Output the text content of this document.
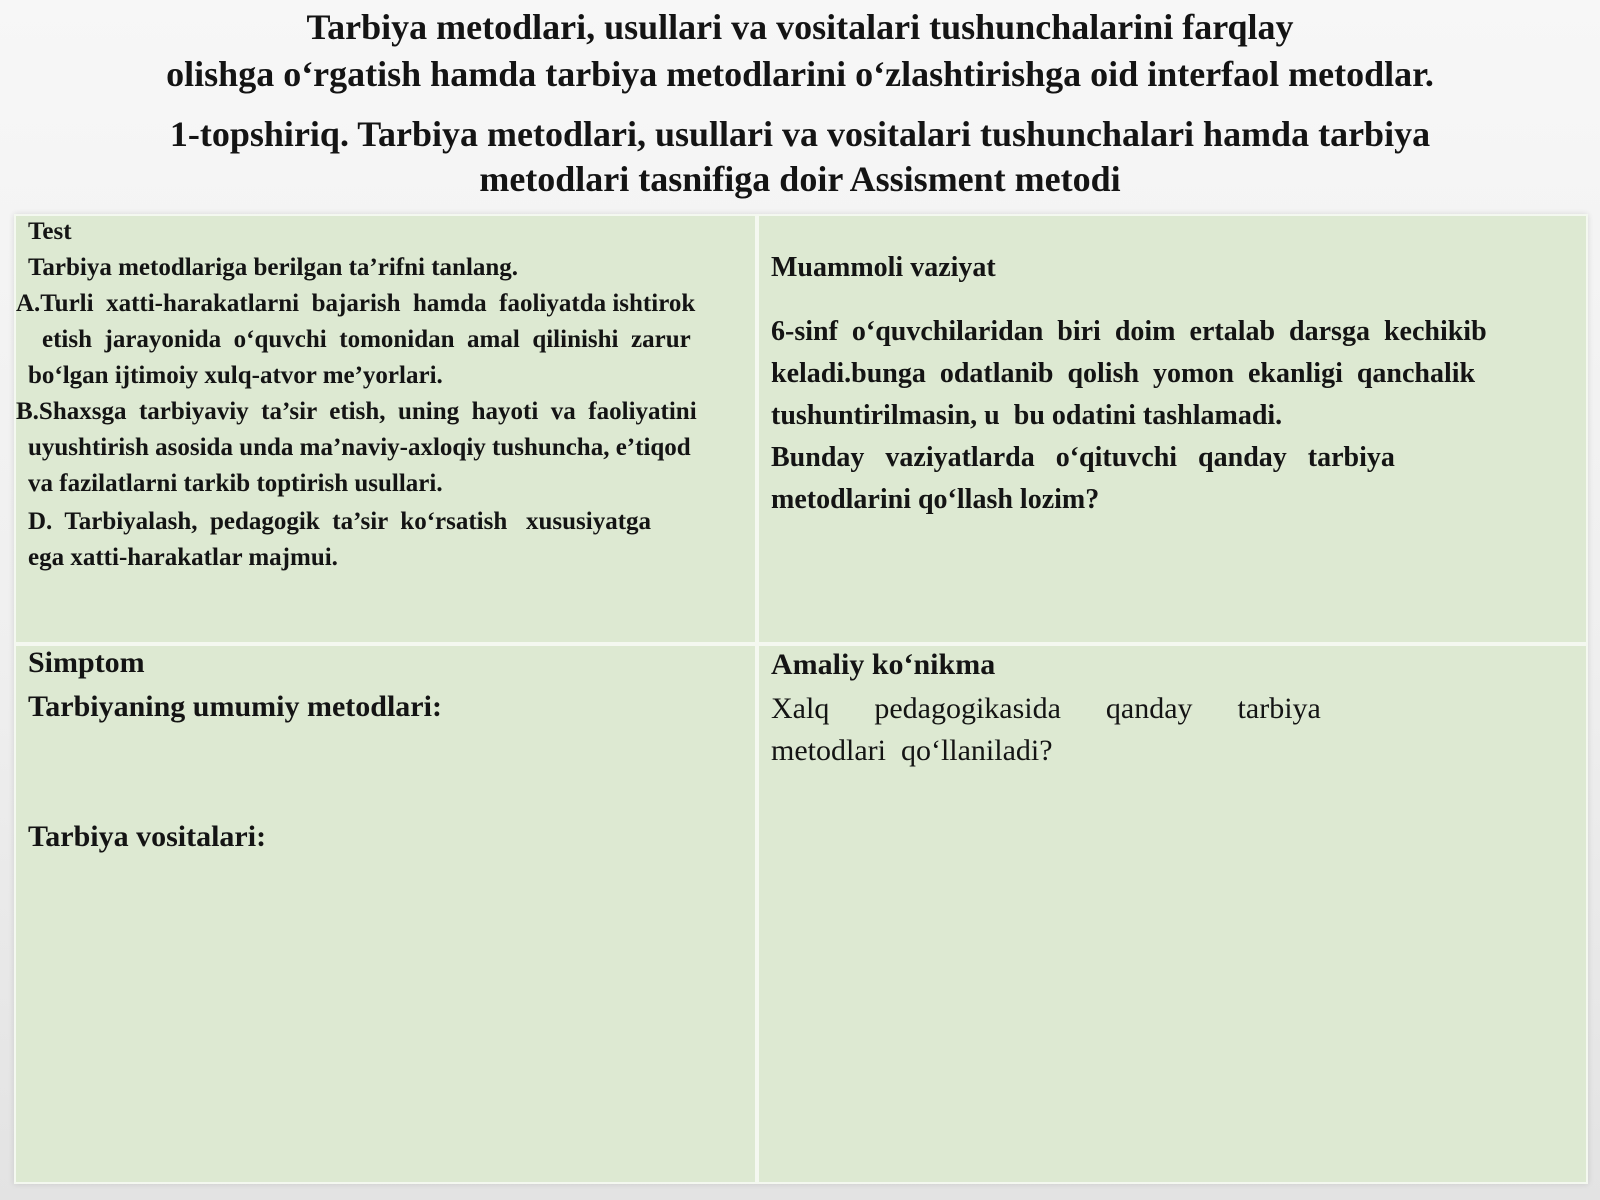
Tarbiya metodlari, usullari va vositalari tushunchalarini farqlay
olishga o‘rgatish hamda tarbiya metodlarini o‘zlashtirishga oid interfaol metodlar.
1-topshiriq. Tarbiya metodlari, usullari va vositalari tushunchalari hamda tarbiya
metodlari tasnifiga doir Assisment metodi

Test

Tarbiya metodlariga berilgan ta’rifni tanlang.

A.Turli  xatti-harakatlarni  bajarish  hamda  faoliyatda ishtirok

etish  jarayonida  o‘quvchi  tomonidan  amal  qilinishi  zarur

bo‘lgan ijtimoiy xulq-atvor me’yorlari.

B.Shaxsga  tarbiyaviy  ta’sir  etish,  uning  hayoti  va  faoliyatini

uyushtirish asosida unda ma’naviy-axloqiy tushuncha, e’tiqod

va fazilatlarni tarkib toptirish usullari.

D.  Tarbiyalash,  pedagogik  ta’sir  ko‘rsatish   xususiyatga

ega xatti-harakatlar majmui.

Muammoli vaziyat

6-sinf  o‘quvchilaridan  biri  doim  ertalab  darsga  kechikib

keladi.bunga  odatlanib  qolish  yomon  ekanligi  qanchalik

tushuntirilmasin, u  bu odatini tashlamadi.

Bunday   vaziyatlarda   o‘qituvchi   qanday   tarbiya

metodlarini qo‘llash lozim?

Simptom

Tarbiyaning umumiy metodlari:

Tarbiya vositalari:

Amaliy ko‘nikma

Xalq      pedagogikasida      qanday      tarbiya

metodlari  qo‘llaniladi?
